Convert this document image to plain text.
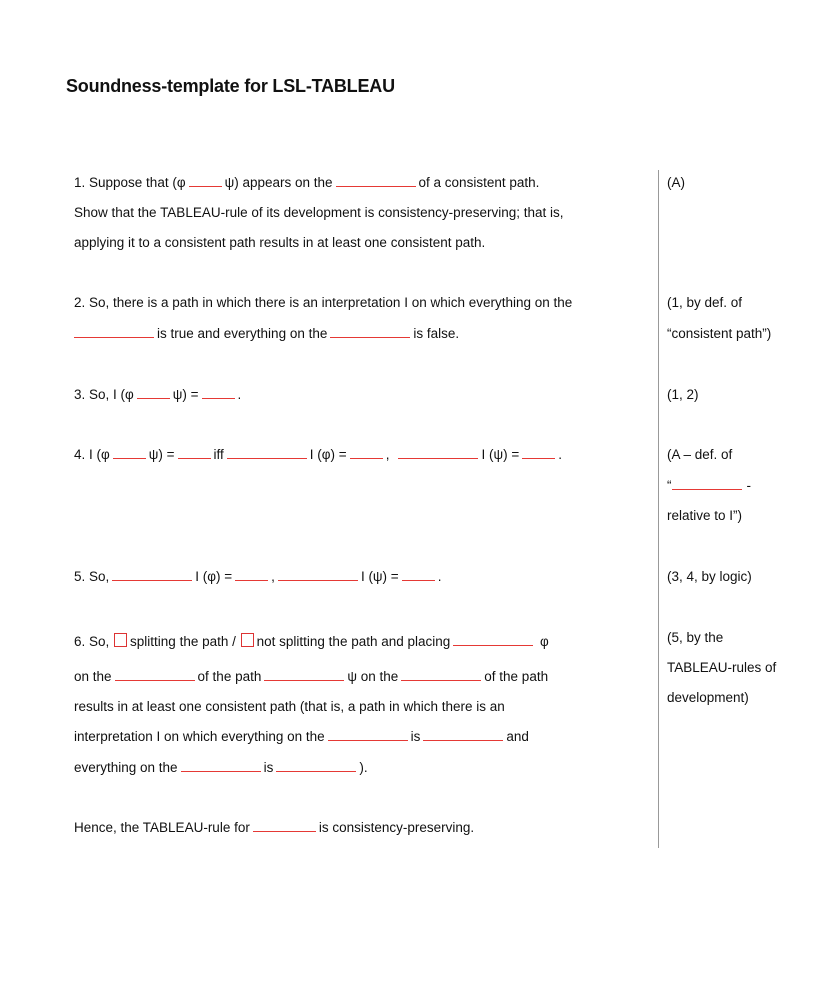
Soundness-template for LSL-TABLEAU
1. Suppose that (φ	ψ) appears on the	of a consistent path.
Show that the TABLEAU-rule of its development is consistency-preserving; that is,
applying it to a consistent path results in at least one consistent path.
(A)
2. So, there is a path in which there is an interpretation I on which everything on the
is true and everything on the	is false.
(1, by def. of
“consistent path”)
3. So, I (φ	ψ) =	.	(1, 2)
4. I (φ	ψ) =	iff	I (φ) =	,	I (ψ) =	.	(A – def. of
“	-
relative to I”)
5. So,	I (φ) =	,	I (ψ) =	.	(3, 4, by logic)
6. So, splitting the path / not splitting the path and placing	φ
on the	of the path	ψ on the	of the path
results in at least one consistent path (that is, a path in which there is an
interpretation I on which everything on the	is	and
everything on the	is	).
(5, by the
TABLEAU-rules of
development)
Hence, the TABLEAU-rule for	is consistency-preserving.
